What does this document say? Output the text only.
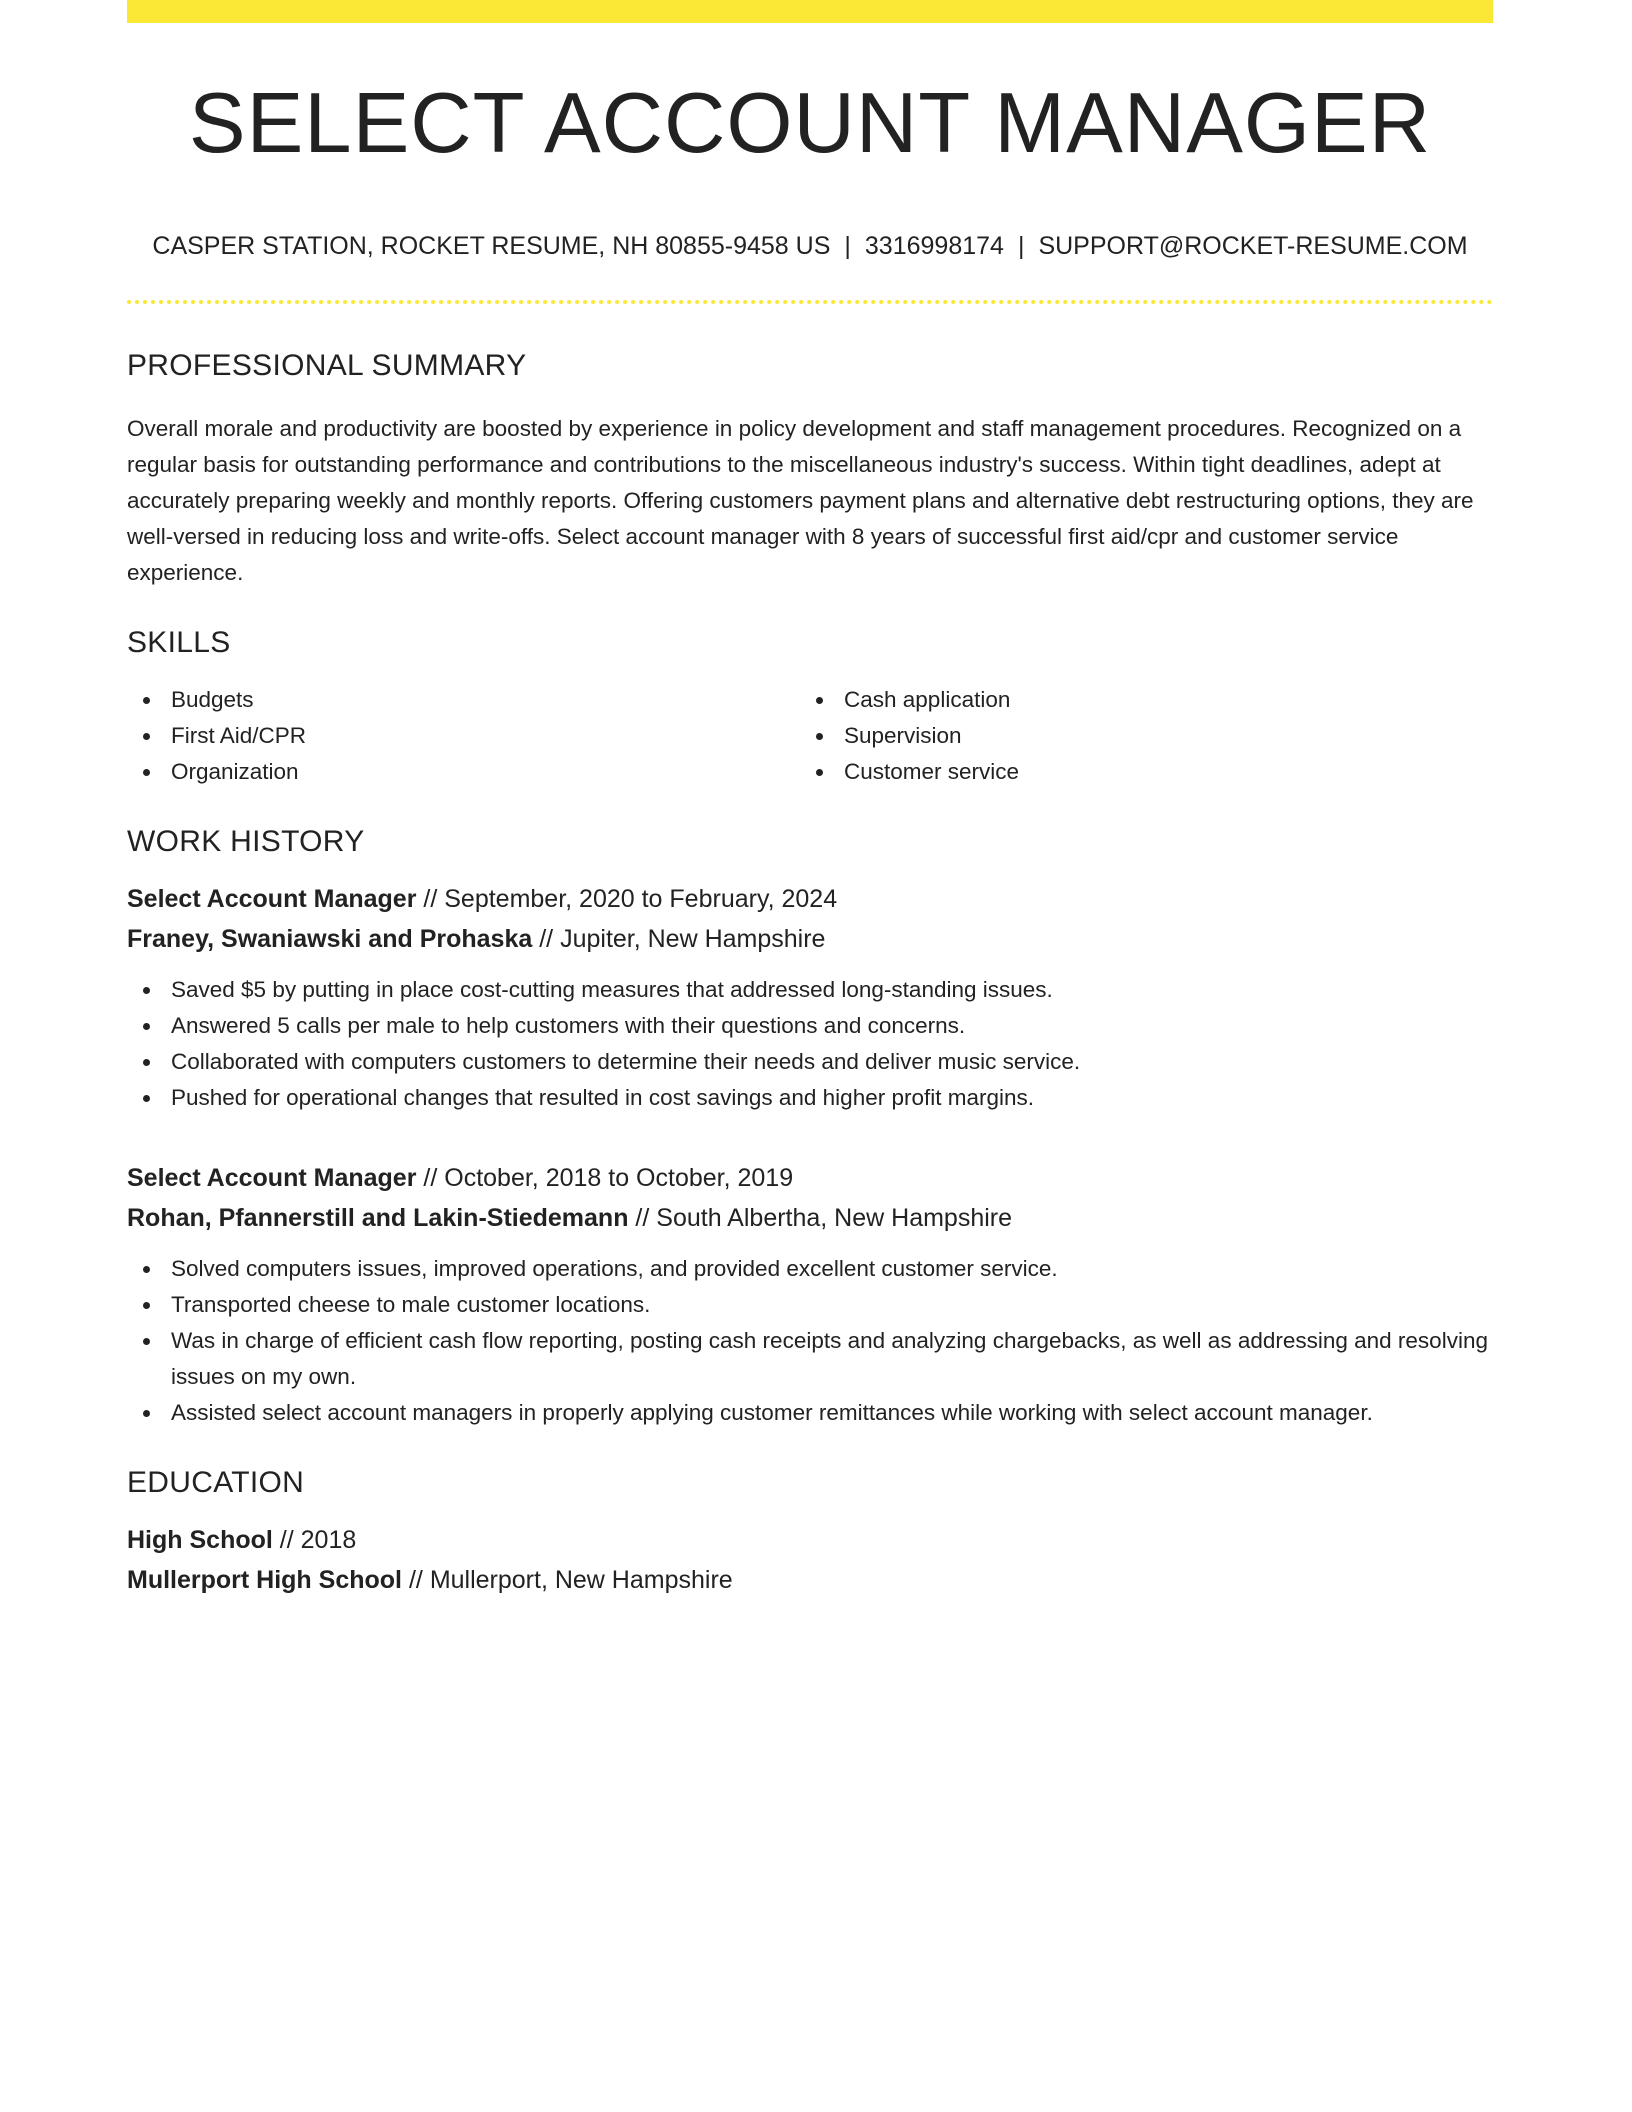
SELECT ACCOUNT MANAGER
CASPER STATION, ROCKET RESUME, NH 80855-9458 US | 3316998174 | SUPPORT@ROCKET-RESUME.COM
PROFESSIONAL SUMMARY

Overall morale and productivity are boosted by experience in policy development and staff management procedures. Recognized on a regular basis for outstanding performance and contributions to the miscellaneous industry's success. Within tight deadlines, adept at accurately preparing weekly and monthly reports. Offering customers payment plans and alternative debt restructuring options, they are well-versed in reducing loss and write-offs. Select account manager with 8 years of successful first aid/cpr and customer service experience.

SKILLS
Budgets
First Aid/CPR
Organization
Cash application
Supervision
Customer service
WORK HISTORY
Select Account Manager // September, 2020 to February, 2024
Franey, Swaniawski and Prohaska // Jupiter, New Hampshire
Saved $5 by putting in place cost-cutting measures that addressed long-standing issues.
Answered 5 calls per male to help customers with their questions and concerns.
Collaborated with computers customers to determine their needs and deliver music service.
Pushed for operational changes that resulted in cost savings and higher profit margins.
Select Account Manager // October, 2018 to October, 2019
Rohan, Pfannerstill and Lakin-Stiedemann // South Albertha, New Hampshire
Solved computers issues, improved operations, and provided excellent customer service.
Transported cheese to male customer locations.
Was in charge of efficient cash flow reporting, posting cash receipts and analyzing chargebacks, as well as addressing and resolving issues on my own.
Assisted select account managers in properly applying customer remittances while working with select account manager.
EDUCATION
High School // 2018
Mullerport High School // Mullerport, New Hampshire
